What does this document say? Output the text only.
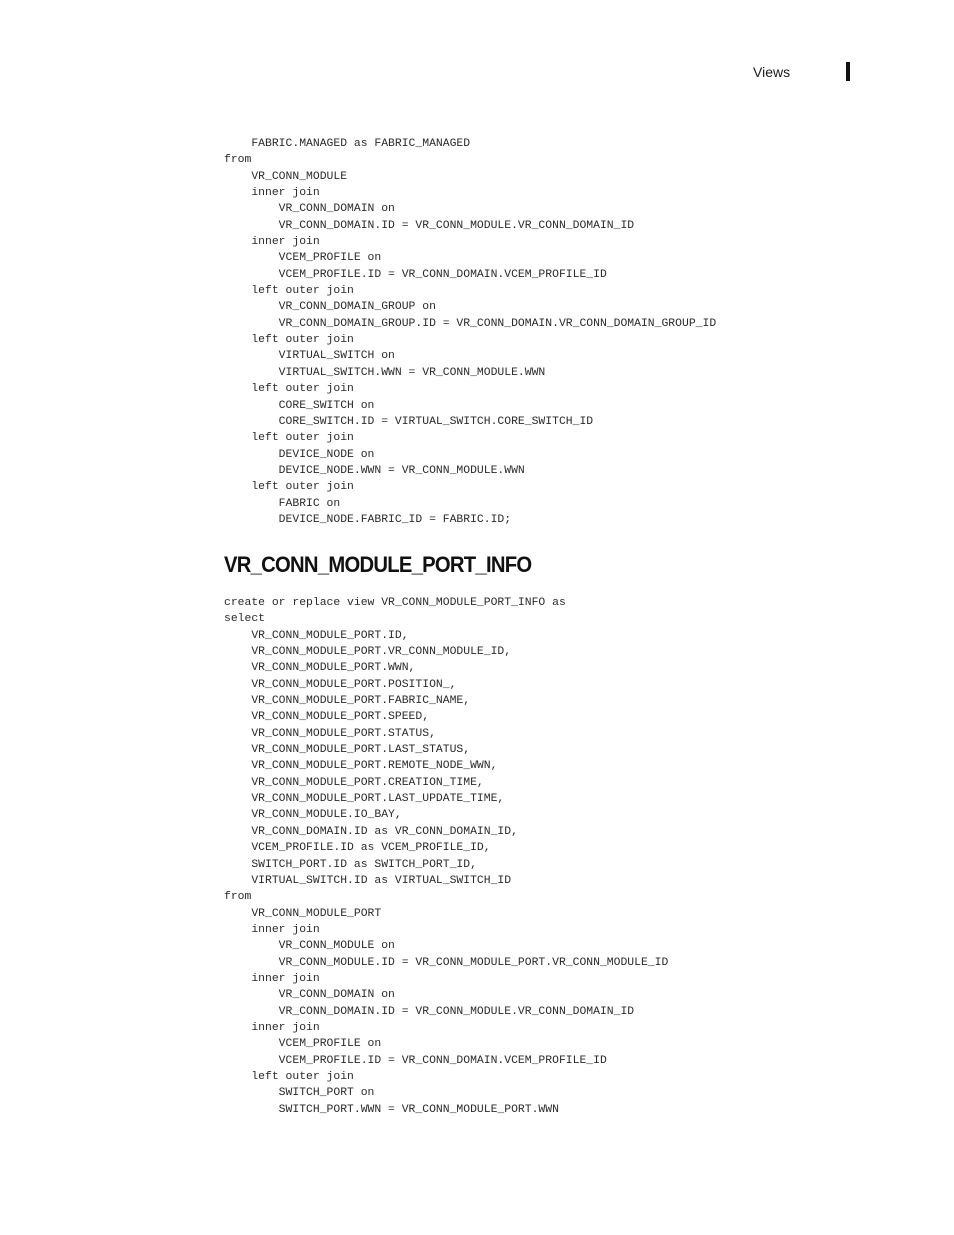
Views
FABRIC.MANAGED as FABRIC_MANAGED
from
VR_CONN_MODULE
inner join
VR_CONN_DOMAIN on
VR_CONN_DOMAIN.ID = VR_CONN_MODULE.VR_CONN_DOMAIN_ID
inner join
VCEM_PROFILE on
VCEM_PROFILE.ID = VR_CONN_DOMAIN.VCEM_PROFILE_ID
left outer join
VR_CONN_DOMAIN_GROUP on
VR_CONN_DOMAIN_GROUP.ID = VR_CONN_DOMAIN.VR_CONN_DOMAIN_GROUP_ID
left outer join
VIRTUAL_SWITCH on
VIRTUAL_SWITCH.WWN = VR_CONN_MODULE.WWN
left outer join
CORE_SWITCH on
CORE_SWITCH.ID = VIRTUAL_SWITCH.CORE_SWITCH_ID
left outer join
DEVICE_NODE on
DEVICE_NODE.WWN = VR_CONN_MODULE.WWN
left outer join
FABRIC on
DEVICE_NODE.FABRIC_ID = FABRIC.ID;
VR_CONN_MODULE_PORT_INFO
create or replace view VR_CONN_MODULE_PORT_INFO as
select
VR_CONN_MODULE_PORT.ID,
VR_CONN_MODULE_PORT.VR_CONN_MODULE_ID,
VR_CONN_MODULE_PORT.WWN,
VR_CONN_MODULE_PORT.POSITION_,
VR_CONN_MODULE_PORT.FABRIC_NAME,
VR_CONN_MODULE_PORT.SPEED,
VR_CONN_MODULE_PORT.STATUS,
VR_CONN_MODULE_PORT.LAST_STATUS,
VR_CONN_MODULE_PORT.REMOTE_NODE_WWN,
VR_CONN_MODULE_PORT.CREATION_TIME,
VR_CONN_MODULE_PORT.LAST_UPDATE_TIME,
VR_CONN_MODULE.IO_BAY,
VR_CONN_DOMAIN.ID as VR_CONN_DOMAIN_ID,
VCEM_PROFILE.ID as VCEM_PROFILE_ID,
SWITCH_PORT.ID as SWITCH_PORT_ID,
VIRTUAL_SWITCH.ID as VIRTUAL_SWITCH_ID
from
VR_CONN_MODULE_PORT
inner join
VR_CONN_MODULE on
VR_CONN_MODULE.ID = VR_CONN_MODULE_PORT.VR_CONN_MODULE_ID
inner join
VR_CONN_DOMAIN on
VR_CONN_DOMAIN.ID = VR_CONN_MODULE.VR_CONN_DOMAIN_ID
inner join
VCEM_PROFILE on
VCEM_PROFILE.ID = VR_CONN_DOMAIN.VCEM_PROFILE_ID
left outer join
SWITCH_PORT on
SWITCH_PORT.WWN = VR_CONN_MODULE_PORT.WWN
